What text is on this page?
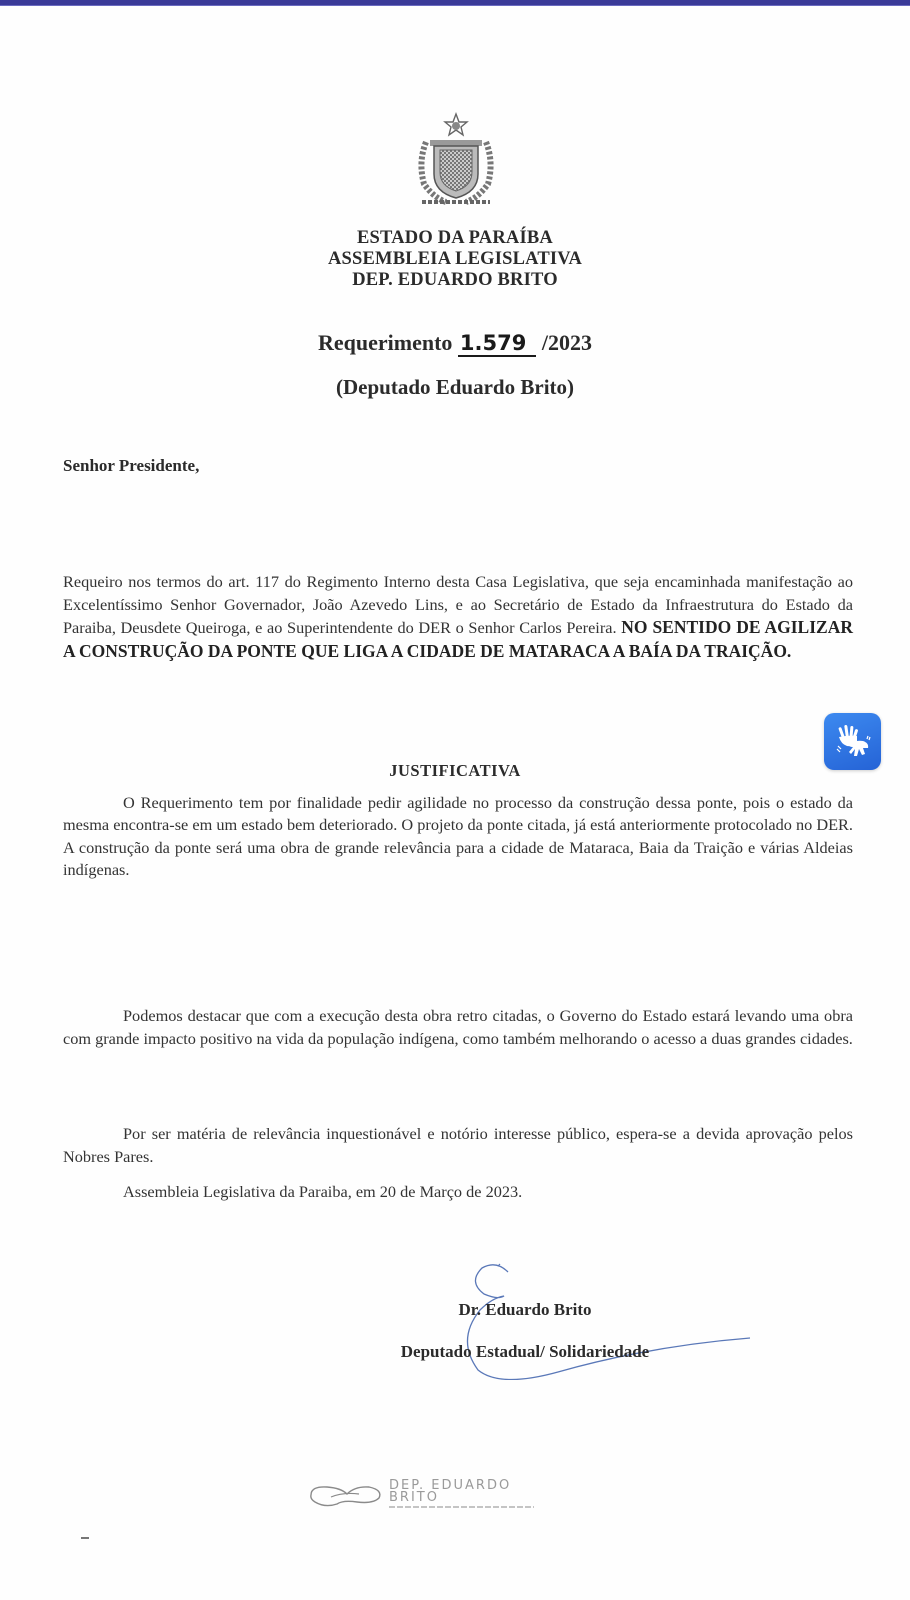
ESTADO DA PARAÍBA
ASSEMBLEIA LEGISLATIVA
DEP. EDUARDO BRITO
Requerimento 1.579 /2023
(Deputado Eduardo Brito)
Senhor Presidente,
Requeiro nos termos do art. 117 do Regimento Interno desta Casa Legislativa, que seja encaminhada manifestação ao Excelentíssimo Senhor Governador, João Azevedo Lins, e ao Secretário de Estado da Infraestrutura do Estado da Paraiba, Deusdete Queiroga, e ao Superintendente do DER o Senhor Carlos Pereira. NO SENTIDO DE AGILIZAR A CONSTRUÇÃO DA PONTE QUE LIGA A CIDADE DE MATARACA A BAÍA DA TRAIÇÃO.
JUSTIFICATIVA
O Requerimento tem por finalidade pedir agilidade no processo da construção dessa ponte, pois o estado da mesma encontra-se em um estado bem deteriorado. O projeto da ponte citada, já está anteriormente protocolado no DER. A construção da ponte será uma obra de grande relevância para a cidade de Mataraca, Baia da Traição e várias Aldeias indígenas.
Podemos destacar que com a execução desta obra retro citadas, o Governo do Estado estará levando uma obra com grande impacto positivo na vida da população indígena, como também melhorando o acesso a duas grandes cidades.
Por ser matéria de relevância inquestionável e notório interesse público, espera-se a devida aprovação pelos Nobres Pares.
Assembleia Legislativa da Paraiba, em 20 de Março de 2023.
Dr. Eduardo Brito
Deputado Estadual/ Solidariedade
DEP. EDUARDO
BRITO
